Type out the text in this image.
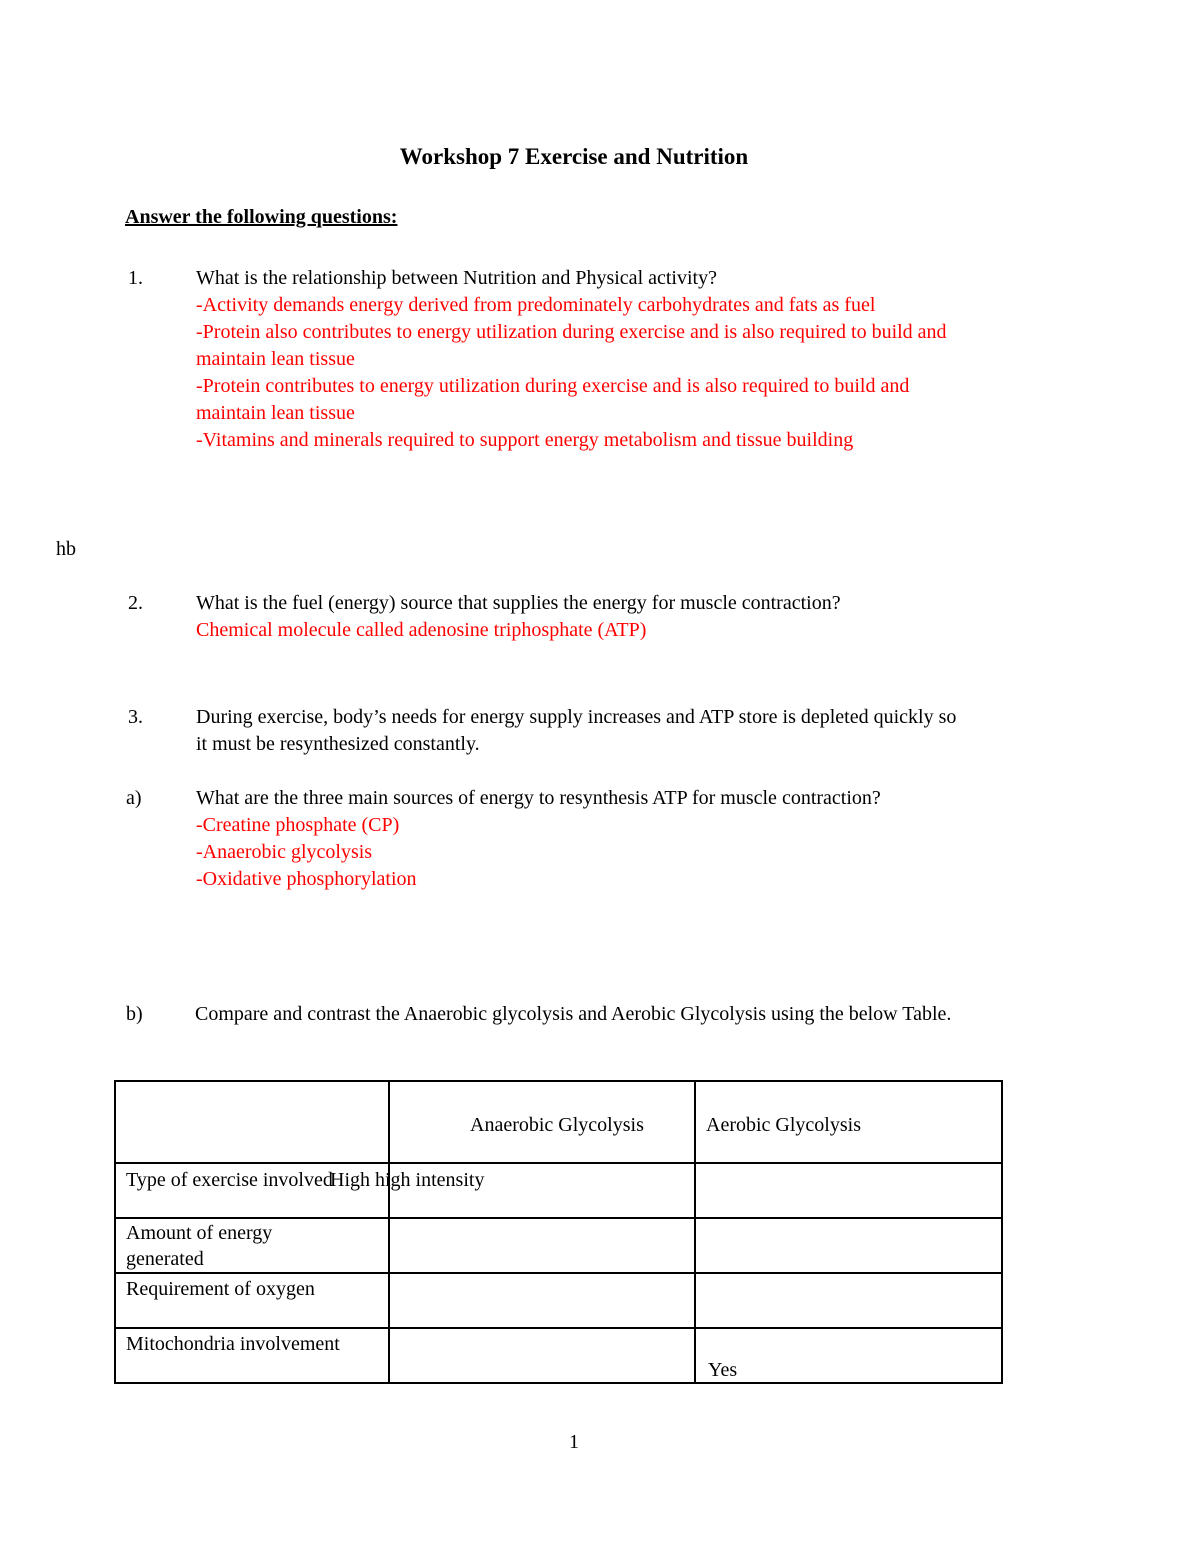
Workshop 7 Exercise and Nutrition
Answer the following questions:
1.	What is the relationship between Nutrition and Physical activity?
-Activity demands energy derived from predominately carbohydrates and fats as fuel
-Protein also contributes to energy utilization during exercise and is also required to build and
maintain lean tissue
-Protein contributes to energy utilization during exercise and is also required to build and
maintain lean tissue
-Vitamins and minerals required to support energy metabolism and tissue building
hb
2.	What is the fuel (energy) source that supplies the energy for muscle contraction?
Chemical molecule called adenosine triphosphate (ATP)
3.	During exercise, body’s needs for energy supply increases and ATP store is depleted quickly so
it must be resynthesized constantly.
a)	What are the three main sources of energy to resynthesis ATP for muscle contraction?
-Creatine phosphate (CP)
-Anaerobic glycolysis
-Oxidative phosphorylation
b)	Compare and contrast the Anaerobic glycolysis and Aerobic Glycolysis using the below Table.

	Anaerobic Glycolysis	Aerobic Glycolysis

Type of exercise involved	High high intensity	

Amount of energy generated		

Requirement of oxygen		

Mitochondria involvement		Yes
1
